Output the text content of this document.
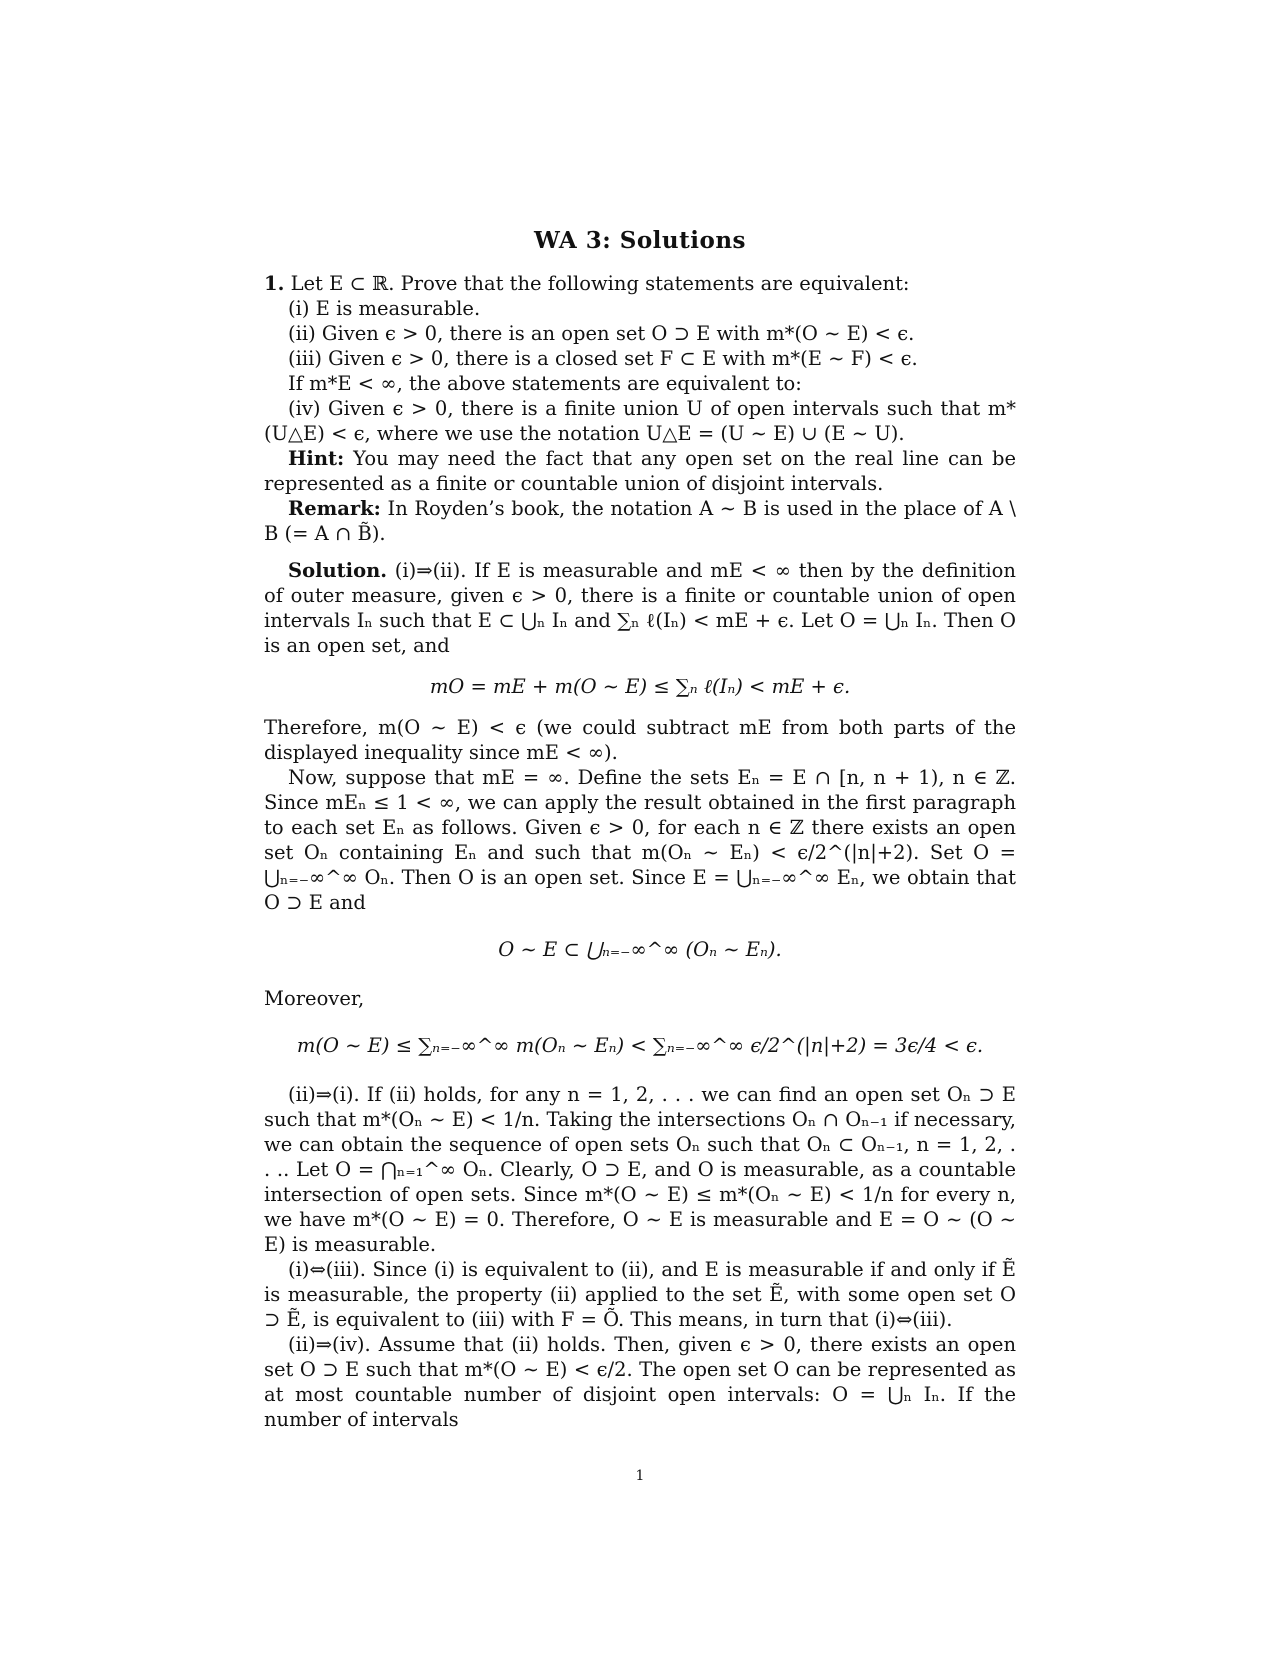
WA 3: Solutions

1. Let E ⊂ ℝ. Prove that the following statements are equivalent:

(i) E is measurable.

(ii) Given ϵ > 0, there is an open set O ⊃ E with m*(O ∼ E) < ϵ.

(iii) Given ϵ > 0, there is a closed set F ⊂ E with m*(E ∼ F) < ϵ.

If m*E < ∞, the above statements are equivalent to:

(iv) Given ϵ > 0, there is a finite union U of open intervals such that m*(U△E) < ϵ, where we use the notation U△E = (U ∼ E) ∪ (E ∼ U).

Hint: You may need the fact that any open set on the real line can be represented as a finite or countable union of disjoint intervals.

Remark: In Royden’s book, the notation A ∼ B is used in the place of A \ B (= A ∩ B̃).

Solution. (i)⇒(ii). If E is measurable and mE < ∞ then by the definition of outer measure, given ϵ > 0, there is a finite or countable union of open intervals Iₙ such that E ⊂ ⋃ₙ Iₙ and ∑ₙ ℓ(Iₙ) < mE + ϵ. Let O = ⋃ₙ Iₙ. Then O is an open set, and

mO = mE + m(O ∼ E) ≤ ∑ₙ ℓ(Iₙ) < mE + ϵ.

Therefore, m(O ∼ E) < ϵ (we could subtract mE from both parts of the displayed inequality since mE < ∞).

Now, suppose that mE = ∞. Define the sets Eₙ = E ∩ [n, n + 1), n ∈ ℤ. Since mEₙ ≤ 1 < ∞, we can apply the result obtained in the first paragraph to each set Eₙ as follows. Given ϵ > 0, for each n ∈ ℤ there exists an open set Oₙ containing Eₙ and such that m(Oₙ ∼ Eₙ) < ϵ/2^(|n|+2). Set O = ⋃ₙ₌₋∞^∞ Oₙ. Then O is an open set. Since E = ⋃ₙ₌₋∞^∞ Eₙ, we obtain that O ⊃ E and

O ∼ E ⊂ ⋃ₙ₌₋∞^∞ (Oₙ ∼ Eₙ).

Moreover,

m(O ∼ E) ≤ ∑ₙ₌₋∞^∞ m(Oₙ ∼ Eₙ) < ∑ₙ₌₋∞^∞ ϵ/2^(|n|+2) = 3ϵ/4 < ϵ.

(ii)⇒(i). If (ii) holds, for any n = 1, 2, . . . we can find an open set Oₙ ⊃ E such that m*(Oₙ ∼ E) < 1/n. Taking the intersections Oₙ ∩ Oₙ₋₁ if necessary, we can obtain the sequence of open sets Oₙ such that Oₙ ⊂ Oₙ₋₁, n = 1, 2, . . .. Let O = ⋂ₙ₌₁^∞ Oₙ. Clearly, O ⊃ E, and O is measurable, as a countable intersection of open sets. Since m*(O ∼ E) ≤ m*(Oₙ ∼ E) < 1/n for every n, we have m*(O ∼ E) = 0. Therefore, O ∼ E is measurable and E = O ∼ (O ∼ E) is measurable.

(i)⇔(iii). Since (i) is equivalent to (ii), and E is measurable if and only if Ẽ is measurable, the property (ii) applied to the set Ẽ, with some open set O ⊃ Ẽ, is equivalent to (iii) with F = Õ. This means, in turn that (i)⇔(iii).

(ii)⇒(iv). Assume that (ii) holds. Then, given ϵ > 0, there exists an open set O ⊃ E such that m*(O ∼ E) < ϵ/2. The open set O can be represented as at most countable number of disjoint open intervals: O = ⋃ₙ Iₙ. If the number of intervals

1
